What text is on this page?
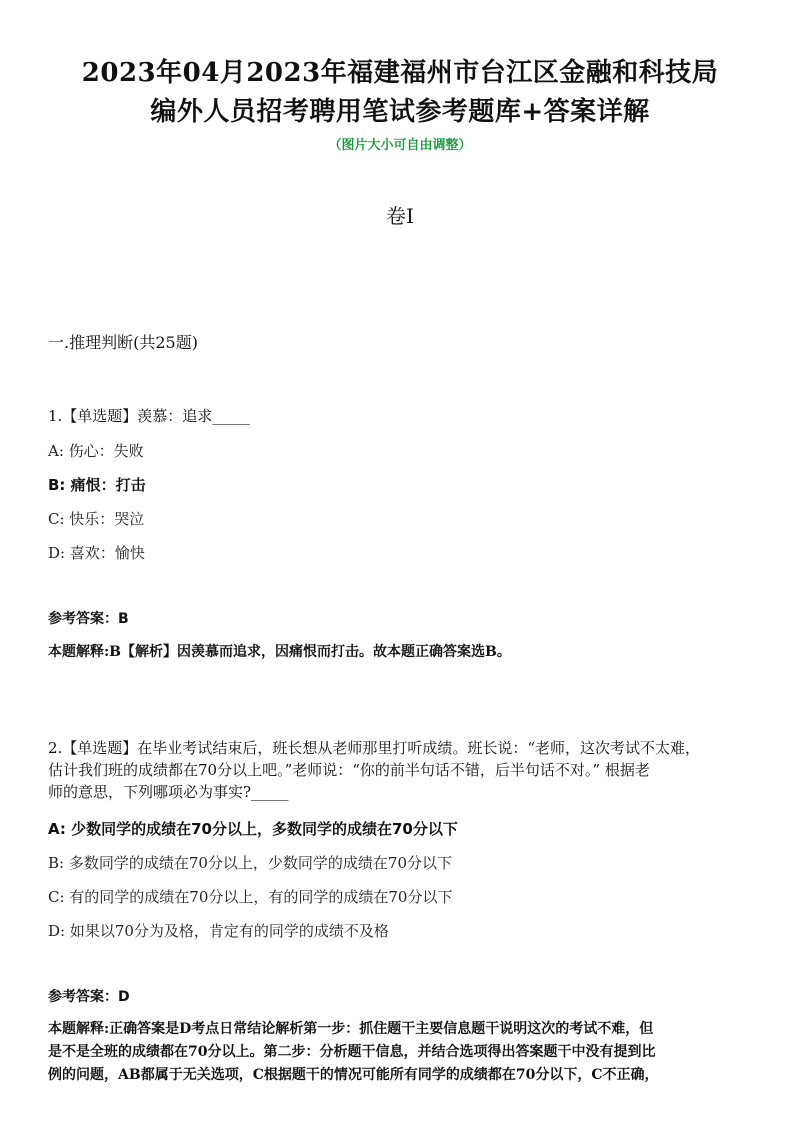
2023年04月2023年福建福州市台江区金融和科技局
编外人员招考聘用笔试参考题库+答案详解
（图片大小可自由调整）
卷I
一.推理判断(共25题)
1.【单选题】羡慕：追求_____
A: 伤心：失败
B: 痛恨：打击
C: 快乐：哭泣
D: 喜欢：愉快
参考答案：B
本题解释:B【解析】因羡慕而追求，因痛恨而打击。故本题正确答案选B。
2.【单选题】在毕业考试结束后，班长想从老师那里打听成绩。班长说：“老师，这次考试不太难，
估计我们班的成绩都在70分以上吧。”老师说：“你的前半句话不错，后半句话不对。” 根据老
师的意思，下列哪项必为事实?_____
A: 少数同学的成绩在70分以上，多数同学的成绩在70分以下
B: 多数同学的成绩在70分以上，少数同学的成绩在70分以下
C: 有的同学的成绩在70分以上，有的同学的成绩在70分以下
D: 如果以70分为及格，肯定有的同学的成绩不及格
参考答案：D
本题解释:正确答案是D考点日常结论解析第一步：抓住题干主要信息题干说明这次的考试不难，但
是不是全班的成绩都在70分以上。第二步：分析题干信息，并结合选项得出答案题干中没有提到比
例的问题，AB都属于无关选项，C根据题干的情况可能所有同学的成绩都在70分以下，C不正确，
